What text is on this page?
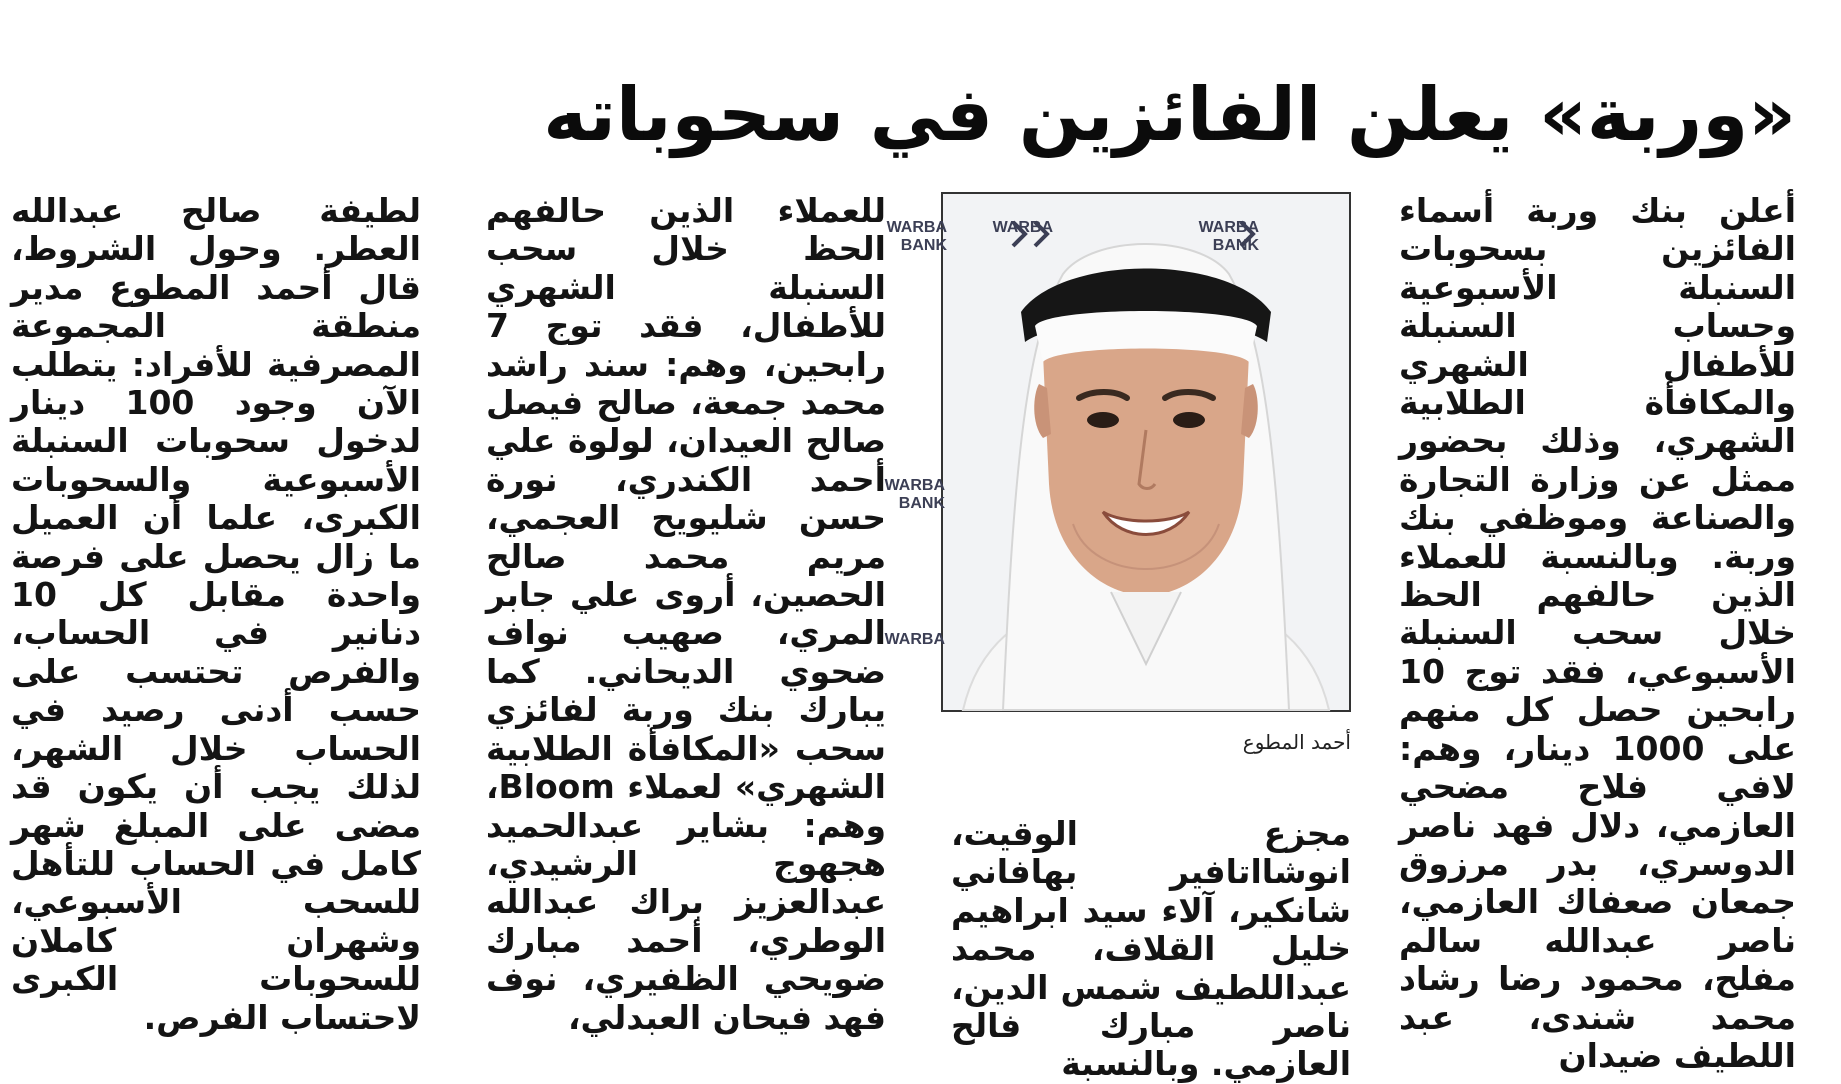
«وربة» يعلن الفائزين في سحوباته

أعلن بنك وربة أسماء الفائزين بسحوبات السنبلة الأسبوعية وحساب السنبلة للأطفال الشهري والمكافأة الطلابية الشهري، وذلك بحضور ممثل عن وزارة التجارة والصناعة وموظفي بنك وربة. وبالنسبة للعملاء الذين حالفهم الحظ خلال سحب السنبلة الأسبوعي، فقد توج 10 رابحين حصل كل منهم على 1000 دينار، وهم: لافي فلاح مضحي العازمي، دلال فهد ناصر الدوسري، بدر مرزوق جمعان صعفاك العازمي، ناصر عبدالله سالم مفلح، محمود رضا رشاد محمد شندى، عبد اللطيف ضيدان

WARBA
BANK
WARBA	WARBA
BANK
WARBA
BANK
WARBA
أحمد المطوع

مجزع الوقيت، انوشااتافير بهافاني شانكير، آلاء سيد ابراهيم خليل القلاف، محمد عبداللطيف شمس الدين، ناصر مبارك فالح العازمي. وبالنسبة

للعملاء الذين حالفهم الحظ خلال سحب السنبلة الشهري للأطفال، فقد توج 7 رابحين، وهم: سند راشد محمد جمعة، صالح فيصل صالح العيدان، لولوة علي أحمد الكندري، نورة حسن شليويح العجمي، مريم محمد صالح الحصين، أروى علي جابر المري، صهيب نواف ضحوي الديحاني. كما يبارك بنك وربة لفائزي سحب «المكافأة الطلابية الشهري» لعملاء Bloom، وهم: بشاير عبدالحميد هجهوج الرشيدي، عبدالعزيز براك عبدالله الوطري، أحمد مبارك ضويحي الظفيري، نوف فهد فيحان العبدلي،

لطيفة صالح عبدالله العطر. وحول الشروط، قال أحمد المطوع مدير منطقة المجموعة المصرفية للأفراد: يتطلب الآن وجود 100 دينار لدخول سحوبات السنبلة الأسبوعية والسحوبات الكبرى، علما أن العميل ما زال يحصل على فرصة واحدة مقابل كل 10 دنانير في الحساب، والفرص تحتسب على حسب أدنى رصيد في الحساب خلال الشهر، لذلك يجب أن يكون قد مضى على المبلغ شهر كامل في الحساب للتأهل للسحب الأسبوعي، وشهران كاملان للسحوبات الكبرى لاحتساب الفرص.
